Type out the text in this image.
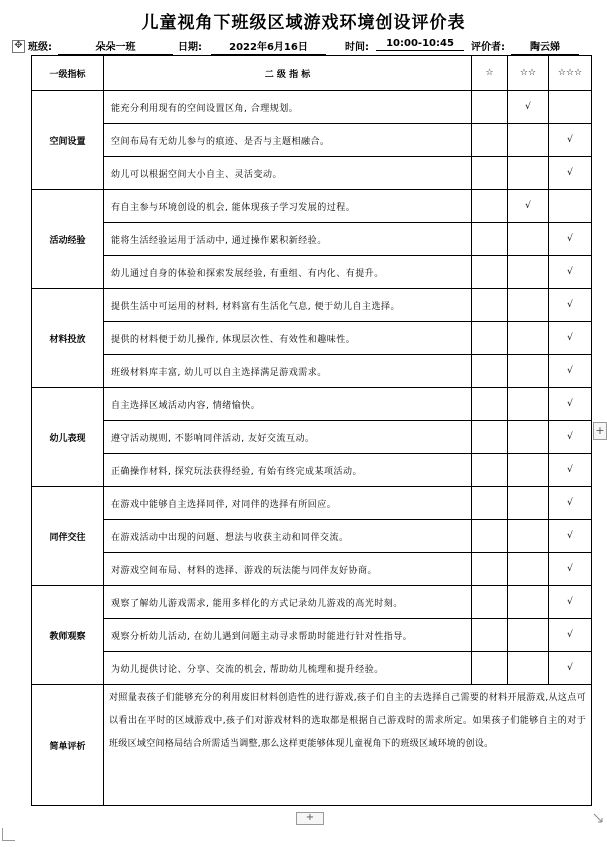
儿童视角下班级区域游戏环境创设评价表
✥ 班级:	朵朵一班	日期:	2022年6月16日	时间:	10:00-10:45	评价者:	陶云娣
一级指标	二 级 指 标	☆	☆☆	☆☆☆
空间设置	能充分利用现有的空间设置区角, 合理规划。		√	
	空间布局有无幼儿参与的痕迹、是否与主题相融合。			√
	幼儿可以根据空间大小自主、灵活变动。			√
活动经验	有自主参与环境创设的机会, 能体现孩子学习发展的过程。		√	
	能将生活经验运用于活动中, 通过操作累积新经验。			√
	幼儿通过自身的体验和探索发展经验, 有重组、有内化、有提升。			√
材料投放	提供生活中可运用的材料, 材料富有生活化气息, 便于幼儿自主选择。			√
	提供的材料便于幼儿操作, 体现层次性、有效性和趣味性。			√
	班级材料库丰富, 幼儿可以自主选择满足游戏需求。			√
幼儿表现	自主选择区域活动内容, 情绪愉快。			√
	遵守活动规则, 不影响同伴活动, 友好交流互动。			√
	正确操作材料, 探究玩法获得经验, 有始有终完成某项活动。			√
同伴交往	在游戏中能够自主选择同伴, 对同伴的选择有所回应。			√
	在游戏活动中出现的问题、想法与收获主动和同伴交流。			√
	对游戏空间布局、材料的选择、游戏的玩法能与同伴友好协商。			√
教师观察	观察了解幼儿游戏需求, 能用多样化的方式记录幼儿游戏的高光时刻。			√
	观察分析幼儿活动, 在幼儿遇到问题主动寻求帮助时能进行针对性指导。			√
	为幼儿提供讨论、分享、交流的机会, 帮助幼儿梳理和提升经验。			√
简单评析	对照量表孩子们能够充分的利用废旧材料创造性的进行游戏,孩子们自主的去选择自己需要的材料开展游戏,从这点可以看出在平时的区域游戏中,孩子们对游戏材料的选取都是根据自己游戏时的需求所定。如果孩子们能够自主的对于班级区域空间格局结合所需适当调整,那么这样更能够体现儿童视角下的班级区域环境的创设。			
+
+
